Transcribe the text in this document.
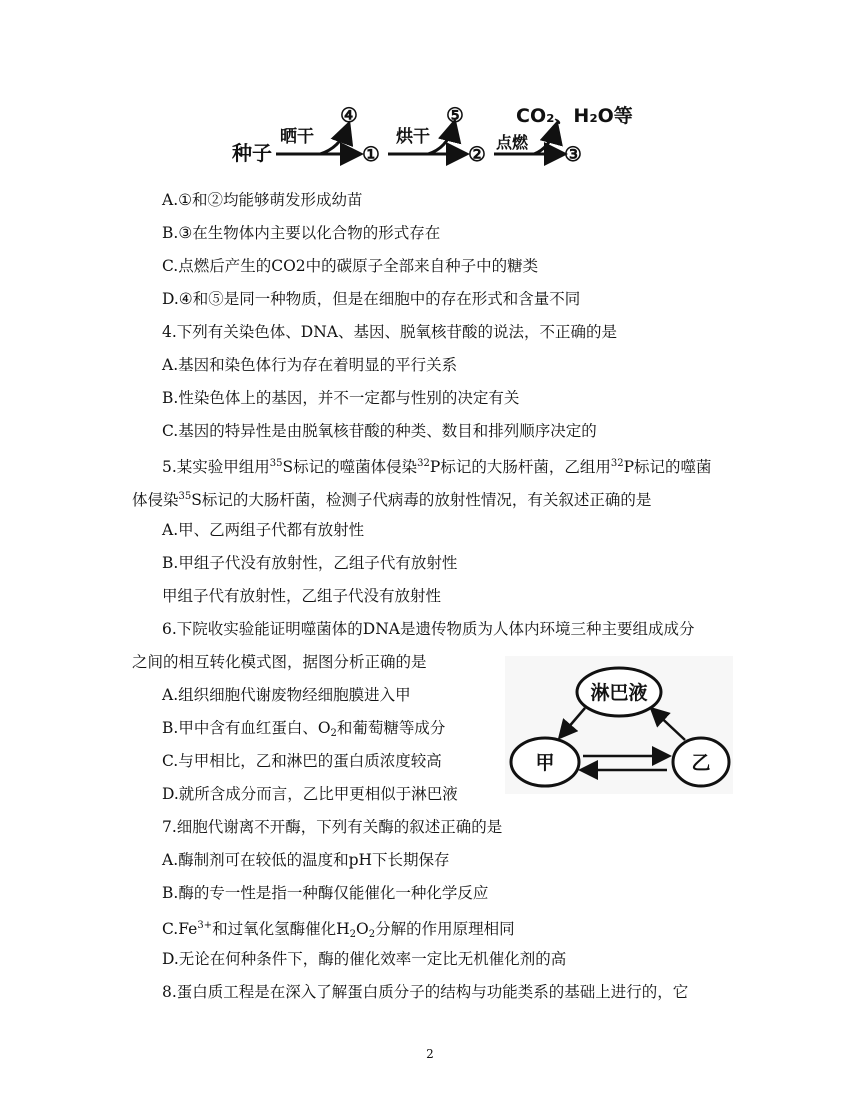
种子
晒干
④
①
烘干
⑤
② 点燃
CO₂、H₂O等
③
A.①和②均能够萌发形成幼苗
B.③在生物体内主要以化合物的形式存在
C.点燃后产生的CO2中的碳原子全部来自种子中的糖类
D.④和⑤是同一种物质，但是在细胞中的存在形式和含量不同
4.下列有关染色体、DNA、基因、脱氧核苷酸的说法，不正确的是
A.基因和染色体行为存在着明显的平行关系
B.性染色体上的基因，并不一定都与性别的决定有关
C.基因的特异性是由脱氧核苷酸的种类、数目和排列顺序决定的
5.某实验甲组用$^{35}$S标记的噬菌体侵染$^{32}$P标记的大肠杆菌，乙组用$^{32}$P标记的噬菌
体侵染$^{35}$S标记的大肠杆菌，检测子代病毒的放射性情况，有关叙述正确的是
A.甲、乙两组子代都有放射性
B.甲组子代没有放射性，乙组子代有放射性
甲组子代有放射性，乙组子代没有放射性
6.下院收实验能证明噬菌体的DNA是遗传物质为人体内环境三种主要组成成分
之间的相互转化模式图，据图分析正确的是
A.组织细胞代谢废物经细胞膜进入甲
B.甲中含有血红蛋白、$O_2$和葡萄糖等成分
C.与甲相比，乙和淋巴的蛋白质浓度较高
D.就所含成分而言，乙比甲更相似于淋巴液
淋巴液
甲	乙
7.细胞代谢离不开酶，下列有关酶的叙述正确的是
A.酶制剂可在较低的温度和pH下长期保存
B.酶的专一性是指一种酶仅能催化一种化学反应
$C.Fe^{3+}$和过氧化氢酶催化$H_2O_2$分解的作用原理相同
D.无论在何种条件下，酶的催化效率一定比无机催化剂的高
8.蛋白质工程是在深入了解蛋白质分子的结构与功能类系的基础上进行的，它
2
